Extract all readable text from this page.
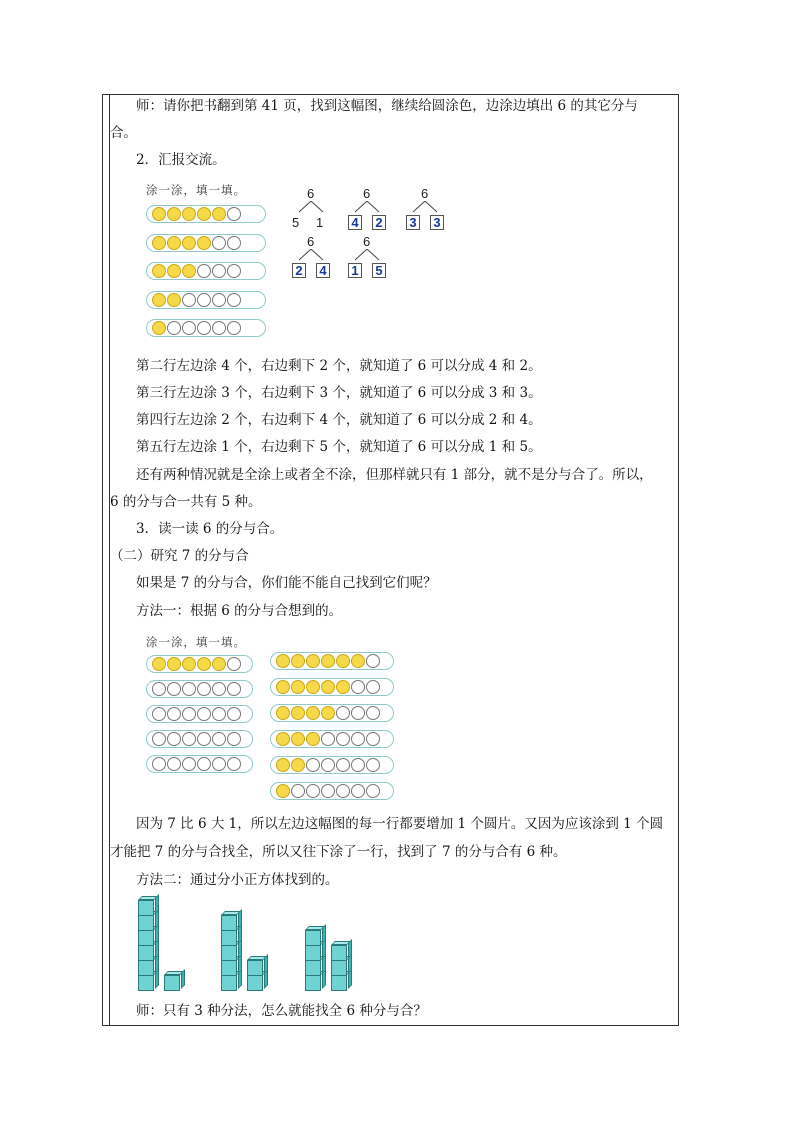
师：请你把书翻到第 41 页，找到这幅图，继续给圆涂色，边涂边填出 6 的其它分与
合。
2．汇报交流。
涂一涂，填一填。	6
5 1
6
4 2
6
3 3
6
2 4
6
1 5
第二行左边涂 4 个，右边剩下 2 个，就知道了 6 可以分成 4 和 2。
第三行左边涂 3 个，右边剩下 3 个，就知道了 6 可以分成 3 和 3。
第四行左边涂 2 个，右边剩下 4 个，就知道了 6 可以分成 2 和 4。
第五行左边涂 1 个，右边剩下 5 个，就知道了 6 可以分成 1 和 5。
还有两种情况就是全涂上或者全不涂，但那样就只有 1 部分，就不是分与合了。所以，
6 的分与合一共有 5 种。
3．读一读 6 的分与合。
（二）研究 7 的分与合
如果是 7 的分与合，你们能不能自己找到它们呢？
方法一：根据 6 的分与合想到的。
涂一涂，填一填。
因为 7 比 6 大 1，所以左边这幅图的每一行都要增加 1 个圆片。又因为应该涂到 1 个圆
才能把 7 的分与合找全，所以又往下涂了一行，找到了 7 的分与合有 6 种。
方法二：通过分小正方体找到的。
师：只有 3 种分法，怎么就能找全 6 种分与合？
